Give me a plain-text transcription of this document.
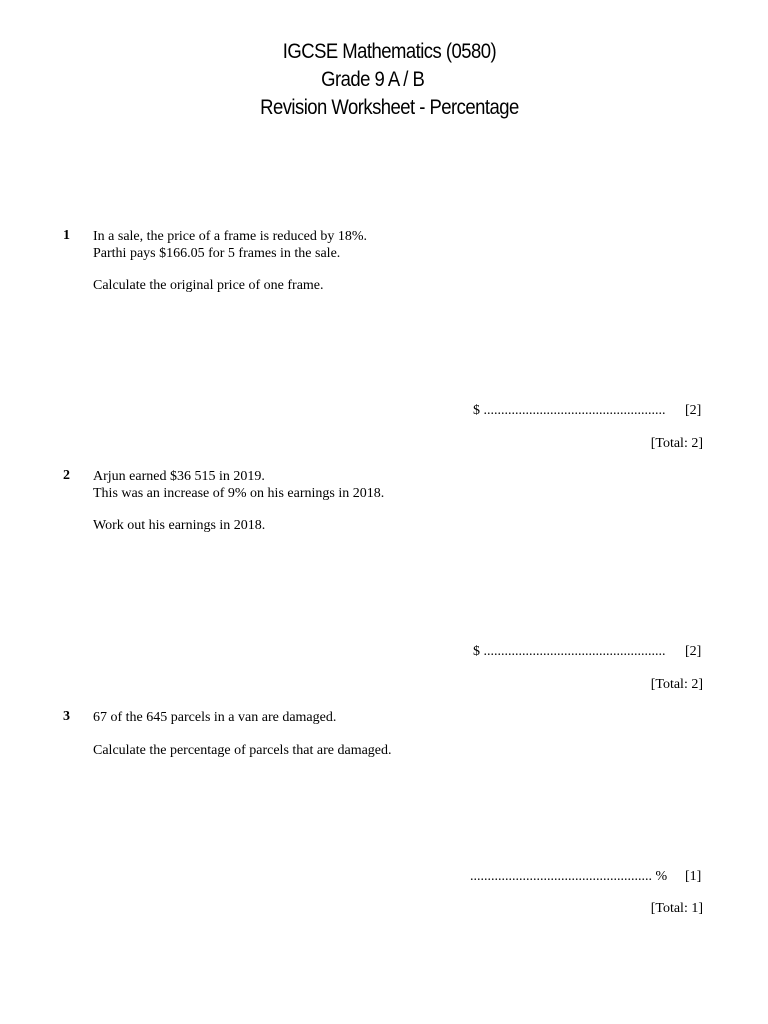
IGCSE Mathematics (0580)
Grade 9 A / B
Revision Worksheet - Percentage
1 In a sale, the price of a frame is reduced by 18%.
Parthi pays $166.05 for 5 frames in the sale.
Calculate the original price of one frame.
$ .................................................... [2]
[Total: 2]
2 Arjun earned $36 515 in 2019.
This was an increase of 9% on his earnings in 2018.
Work out his earnings in 2018.
$ .................................................... [2]
[Total: 2]
3 67 of the 645 parcels in a van are damaged.
Calculate the percentage of parcels that are damaged.
.................................................... % [1]
[Total: 1]
